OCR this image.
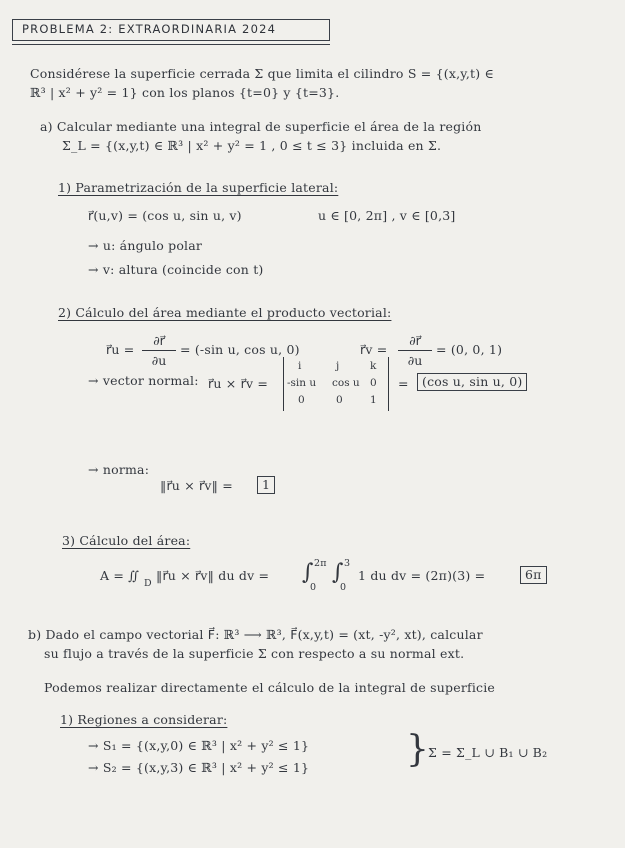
PROBLEMA 2: EXTRAORDINARIA 2024
Considérese la superficie cerrada Σ que limita el cilindro S = {(x,y,t) ∈
ℝ³ | x² + y² = 1} con los planos {t=0} y {t=3}.
a) Calcular mediante una integral de superficie el área de la región
Σ_L = {(x,y,t) ∈ ℝ³ | x² + y² = 1 , 0 ≤ t ≤ 3} incluida en Σ.
1) Parametrización de la superficie lateral:
r⃗(u,v) = (cos u, sin u, v)	u ∈ [0, 2π] , v ∈ [0,3]
→ u: ángulo polar
→ v: altura (coincide con t)
2) Cálculo del área mediante el producto vectorial:
r⃗u =
∂r⃗
∂u
= (-sin u, cos u, 0)	r⃗v =
∂r⃗
∂u
= (0, 0, 1)
→ vector normal: r⃗u × r⃗v =
i	j	k
-sin u cos u 0
0	0	1
=	(cos u, sin u, 0)
→ norma:
‖r⃗u × r⃗v‖ =	1
3) Cálculo del área:
A = ∬
D
‖r⃗u × r⃗v‖ du dv = ∫ 2π
0
∫ 3
0
1 du dv = (2π)(3) =	6π
b) Dado el campo vectorial F⃗: ℝ³ ⟶ ℝ³, F⃗(x,y,t) = (xt, -y², xt), calcular
su flujo a través de la superficie Σ con respecto a su normal ext.
Podemos realizar directamente el cálculo de la integral de superficie
1) Regiones a considerar:
→ S₁ = {(x,y,0) ∈ ℝ³ | x² + y² ≤ 1}
→ S₂ = {(x,y,3) ∈ ℝ³ | x² + y² ≤ 1}	} Σ = Σ_L ∪ B₁ ∪ B₂
